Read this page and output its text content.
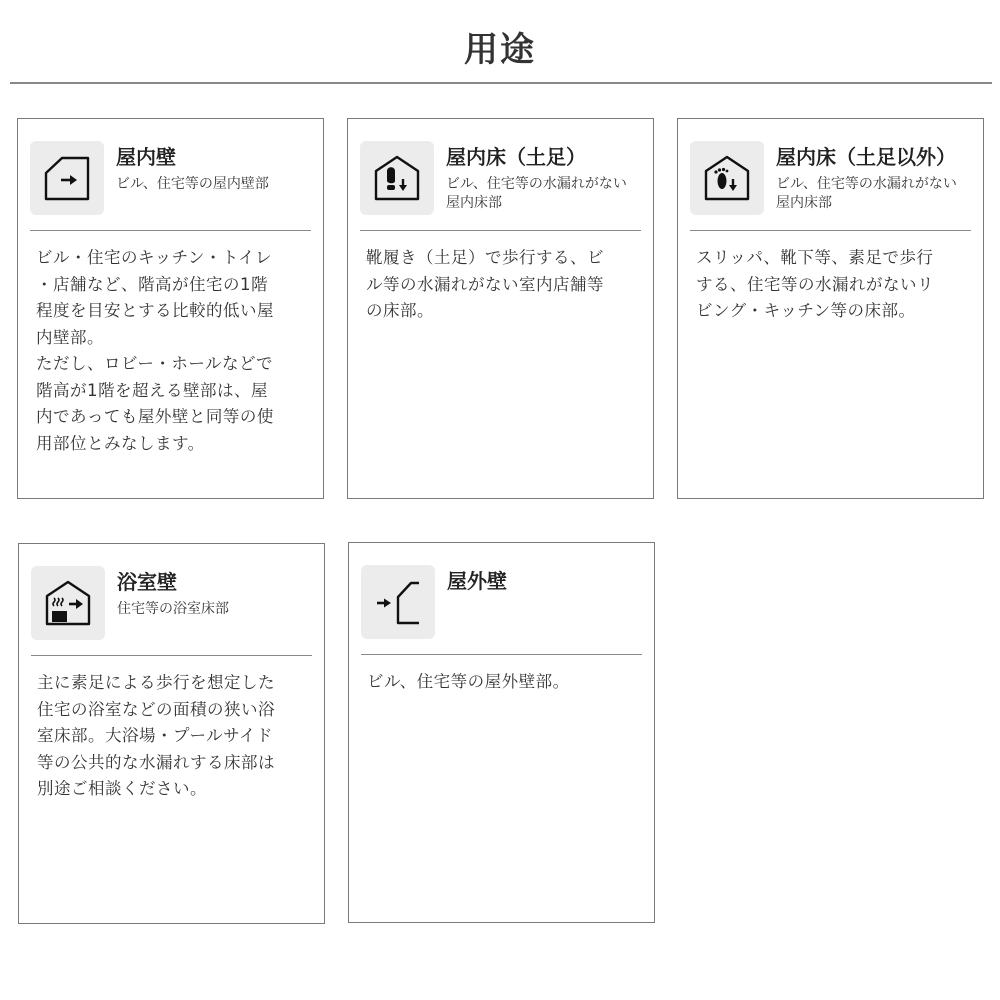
用途
屋内壁
ビル、住宅等の屋内壁部
ビル・住宅のキッチン・トイレ
・店舗など、階高が住宅の1階
程度を目安とする比較的低い屋
内壁部。
ただし、ロビー・ホールなどで
階高が1階を超える壁部は、屋
内であっても屋外壁と同等の使
用部位とみなします。
屋内床（土足）
ビル、住宅等の水漏れがない屋内床部
靴履き（土足）で歩行する、ビ
ル等の水漏れがない室内店舗等
の床部。
屋内床（土足以外）
ビル、住宅等の水漏れがない屋内床部
スリッパ、靴下等、素足で歩行
する、住宅等の水漏れがないリ
ビング・キッチン等の床部。
浴室壁
住宅等の浴室床部
主に素足による歩行を想定した
住宅の浴室などの面積の狭い浴
室床部。大浴場・プールサイド
等の公共的な水漏れする床部は
別途ご相談ください。
屋外壁
ビル、住宅等の屋外壁部。
